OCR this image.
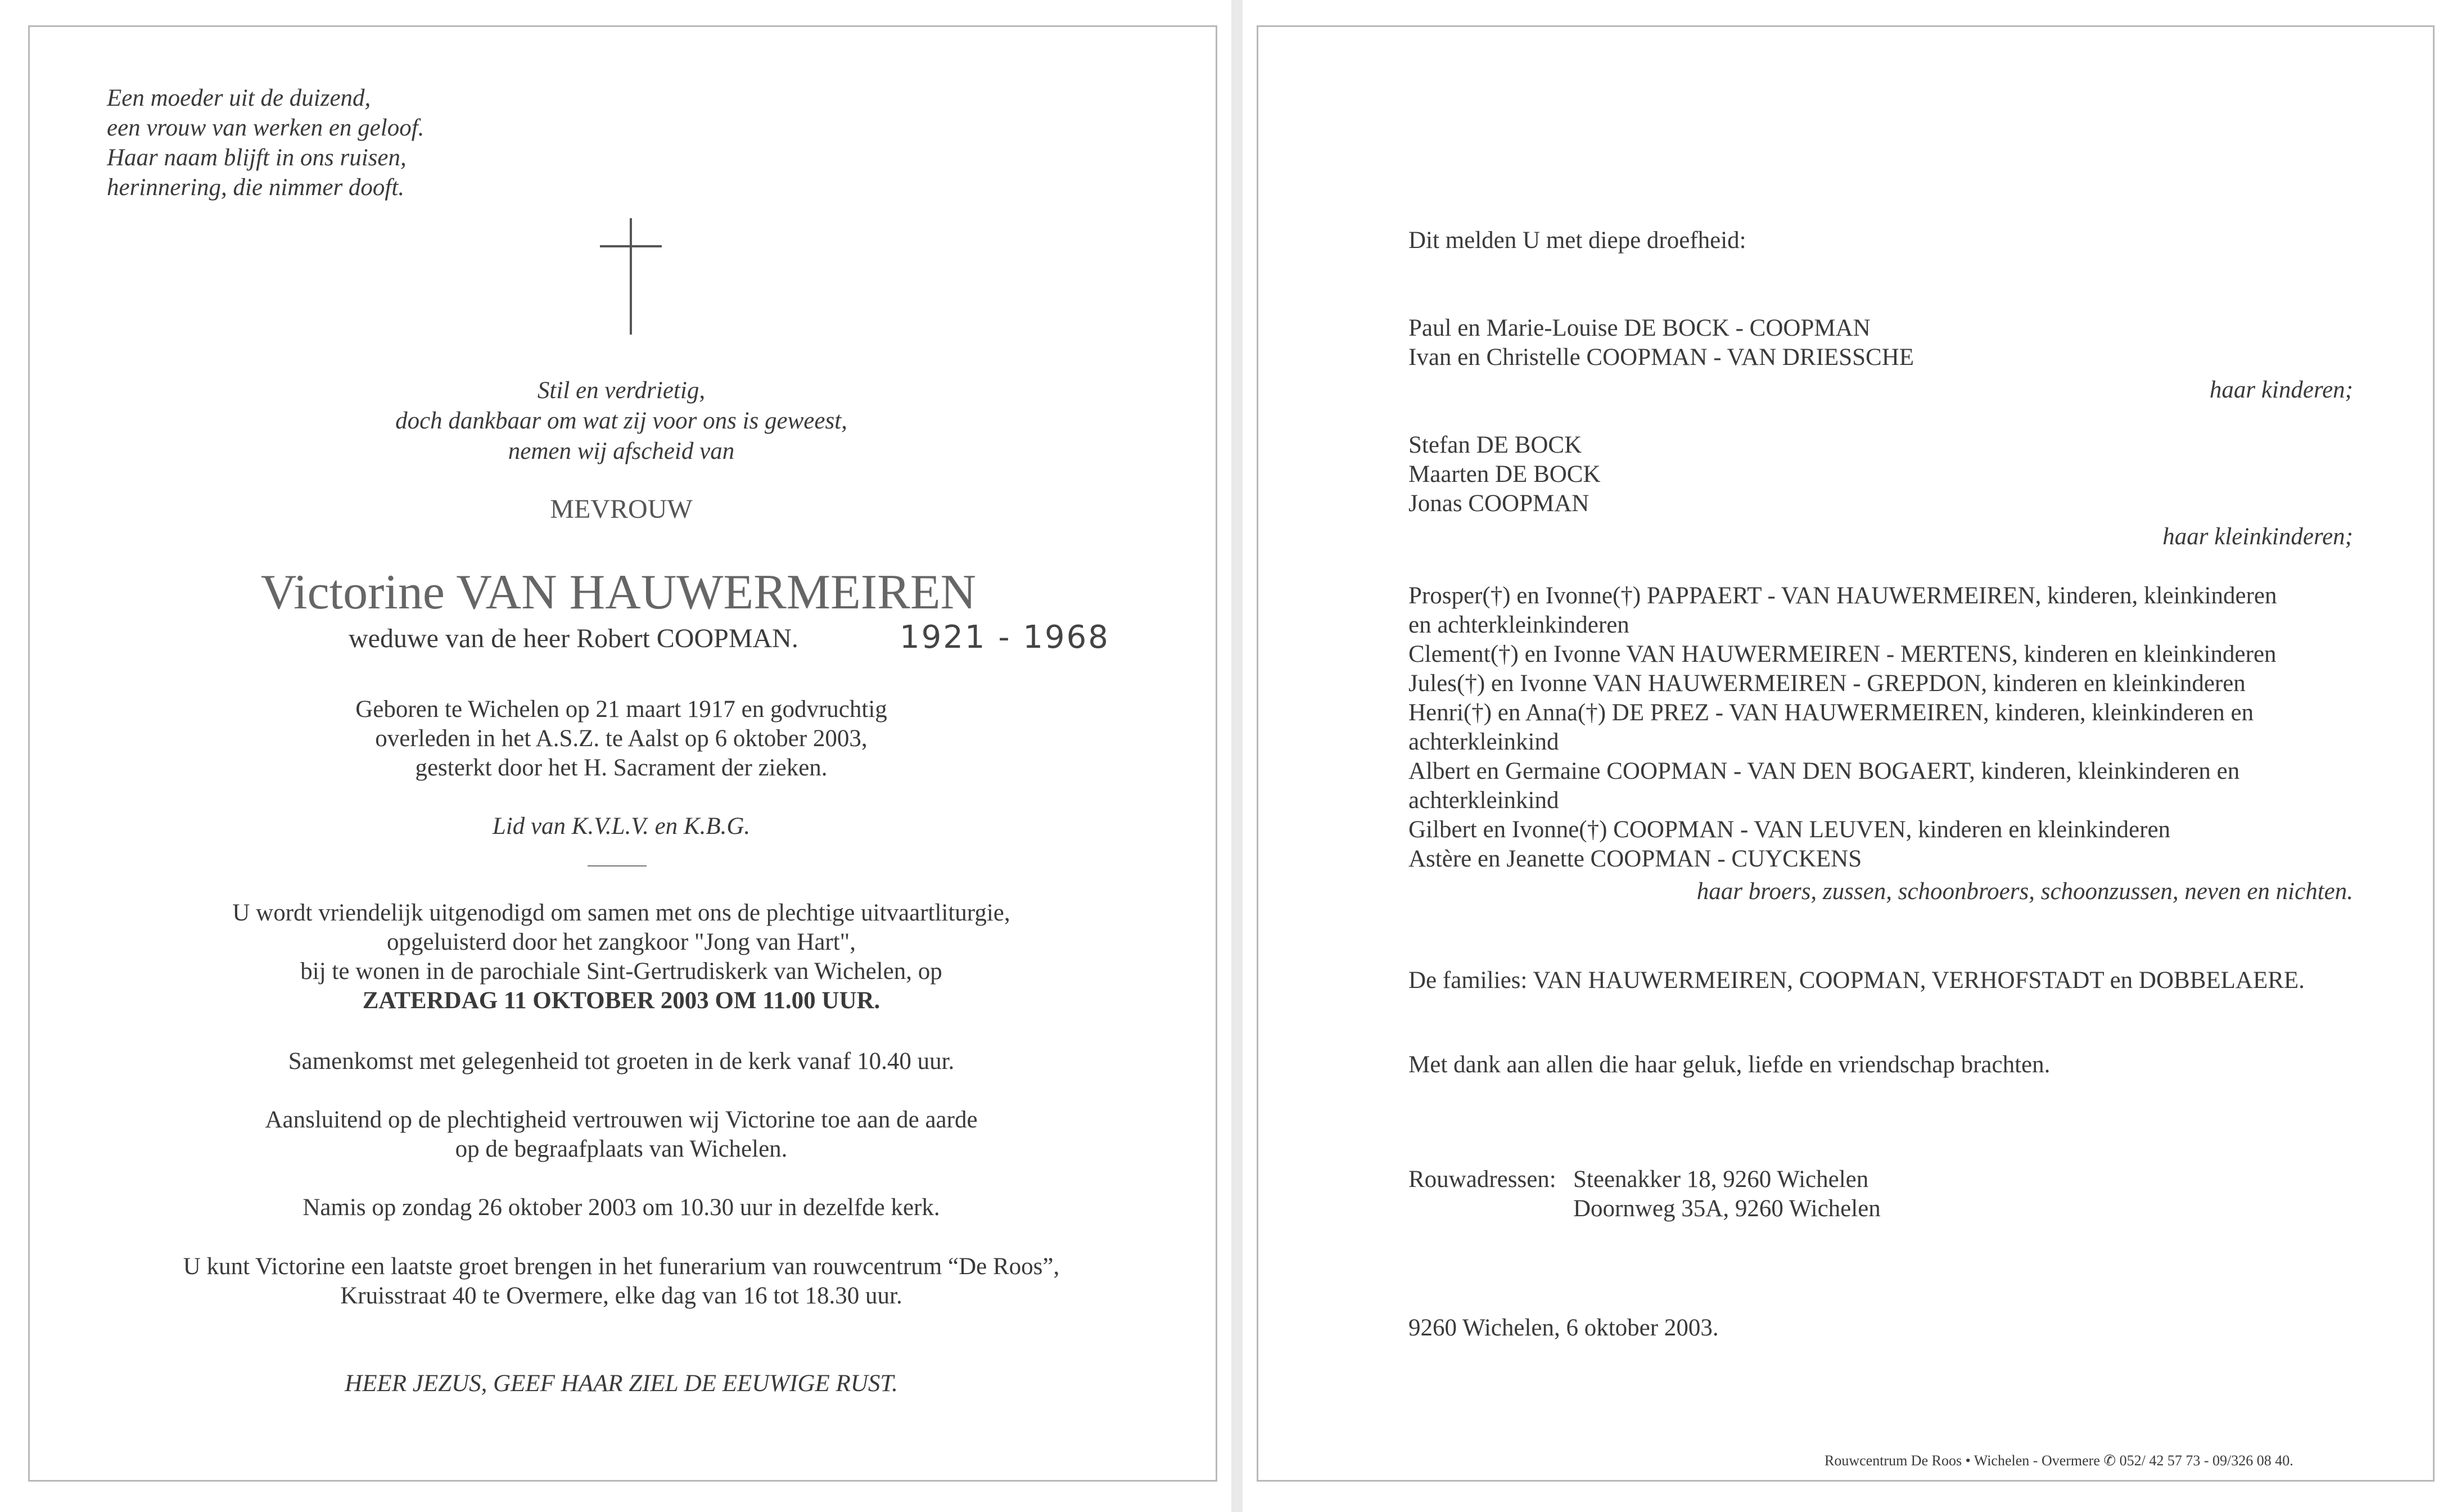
Een moeder uit de duizend,
een vrouw van werken en geloof.
Haar naam blijft in ons ruisen,
herinnering, die nimmer dooft.
Stil en verdrietig,
doch dankbaar om wat zij voor ons is geweest,
nemen wij afscheid van
MEVROUW
Victorine VAN HAUWERMEIREN
weduwe van de heer Robert COOPMAN.	1921 - 1968
Geboren te Wichelen op 21 maart 1917 en godvruchtig
overleden in het A.S.Z. te Aalst op 6 oktober 2003,
gesterkt door het H. Sacrament der zieken.
Lid van K.V.L.V. en K.B.G.
U wordt vriendelijk uitgenodigd om samen met ons de plechtige uitvaartliturgie,
opgeluisterd door het zangkoor "Jong van Hart",
bij te wonen in de parochiale Sint-Gertrudiskerk van Wichelen, op
ZATERDAG 11 OKTOBER 2003 OM 11.00 UUR.
Samenkomst met gelegenheid tot groeten in de kerk vanaf 10.40 uur.
Aansluitend op de plechtigheid vertrouwen wij Victorine toe aan de aarde
op de begraafplaats van Wichelen.
Namis op zondag 26 oktober 2003 om 10.30 uur in dezelfde kerk.
U kunt Victorine een laatste groet brengen in het funerarium van rouwcentrum “De Roos”,
Kruisstraat 40 te Overmere, elke dag van 16 tot 18.30 uur.
HEER JEZUS, GEEF HAAR ZIEL DE EEUWIGE RUST.
Dit melden U met diepe droefheid:
Paul en Marie-Louise DE BOCK - COOPMAN
Ivan en Christelle COOPMAN - VAN DRIESSCHE
haar kinderen;
Stefan DE BOCK
Maarten DE BOCK
Jonas COOPMAN
haar kleinkinderen;
Prosper(†) en Ivonne(†) PAPPAERT - VAN HAUWERMEIREN, kinderen, kleinkinderen
en achterkleinkinderen
Clement(†) en Ivonne VAN HAUWERMEIREN - MERTENS, kinderen en kleinkinderen
Jules(†) en Ivonne VAN HAUWERMEIREN - GREPDON, kinderen en kleinkinderen
Henri(†) en Anna(†) DE PREZ - VAN HAUWERMEIREN, kinderen, kleinkinderen en
achterkleinkind
Albert en Germaine COOPMAN - VAN DEN BOGAERT, kinderen, kleinkinderen en
achterkleinkind
Gilbert en Ivonne(†) COOPMAN - VAN LEUVEN, kinderen en kleinkinderen
Astère en Jeanette COOPMAN - CUYCKENS
haar broers, zussen, schoonbroers, schoonzussen, neven en nichten.
De families: VAN HAUWERMEIREN, COOPMAN, VERHOFSTADT en DOBBELAERE.
Met dank aan allen die haar geluk, liefde en vriendschap brachten.
Rouwadressen: Steenakker 18, 9260 Wichelen
Doornweg 35A, 9260 Wichelen
9260 Wichelen, 6 oktober 2003.
Rouwcentrum De Roos • Wichelen - Overmere ✆ 052/ 42 57 73 - 09/326 08 40.
